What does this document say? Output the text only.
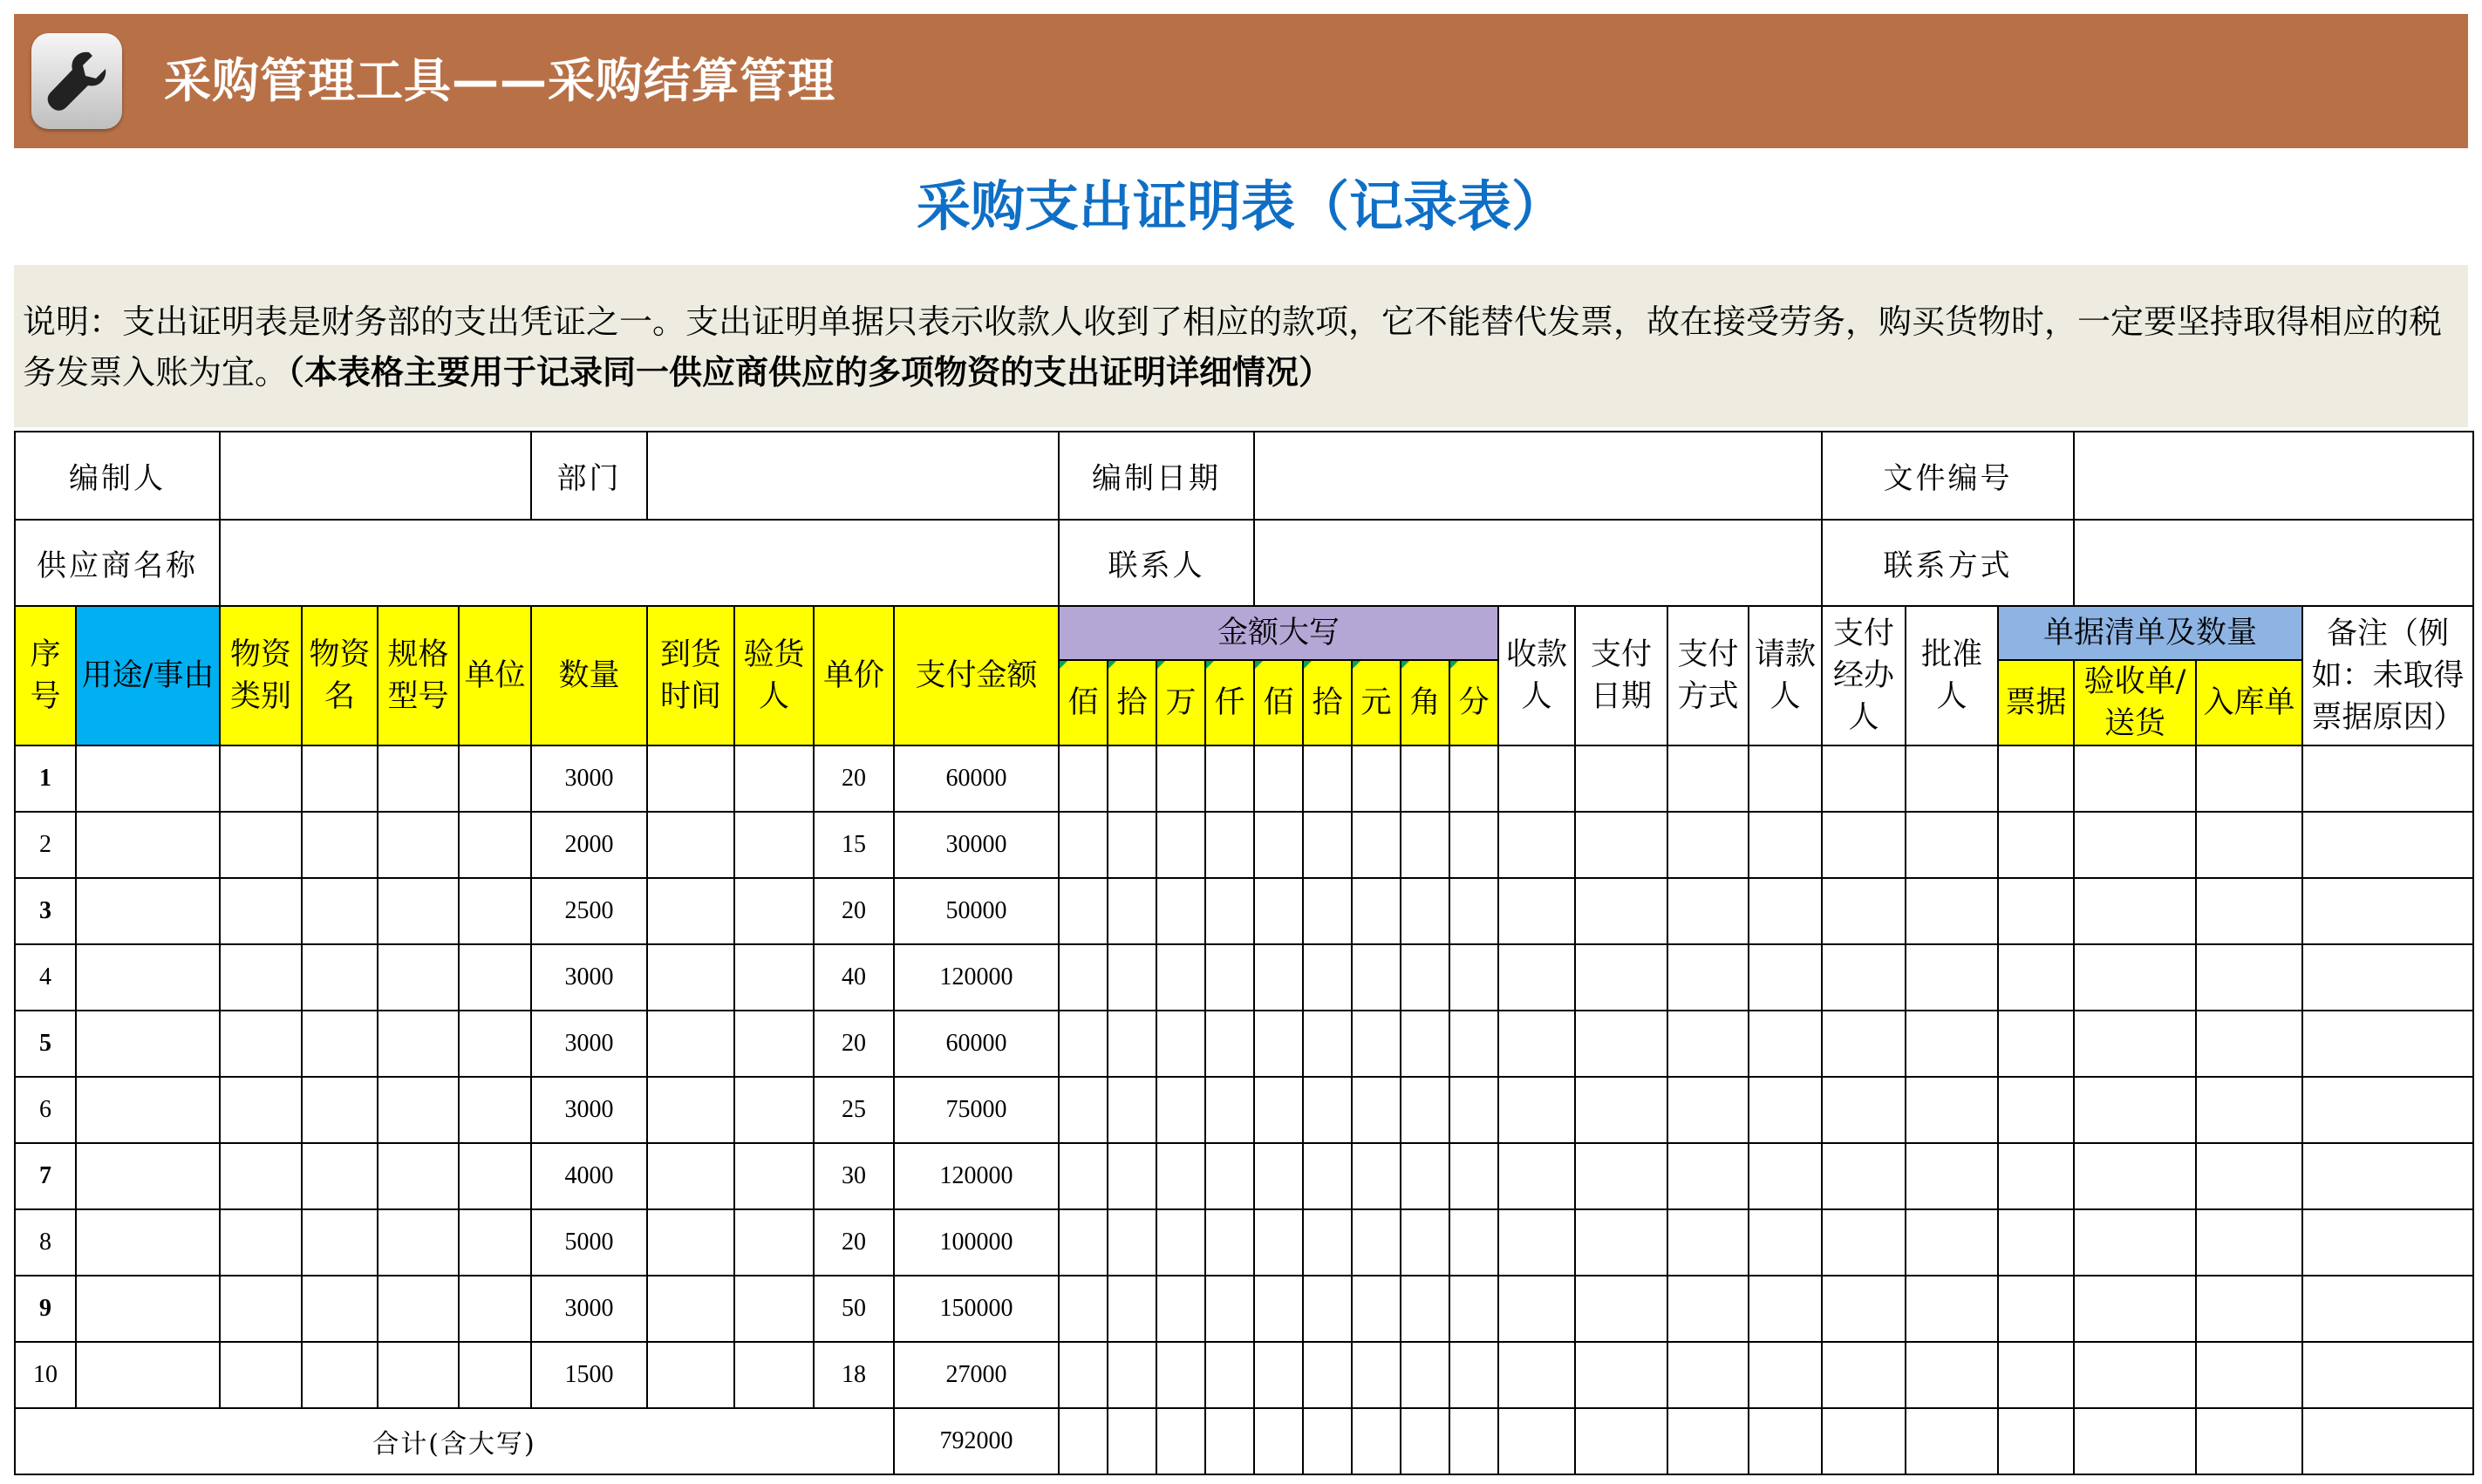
采购管理工具——采购结算管理
采购支出证明表（记录表）
说明：支出证明表是财务部的支出凭证之一。支出证明单据只表示收款人收到了相应的款项，它不能替代发票，故在接受劳务，购买货物时，一定要坚持取得相应的税务发票入账为宜。（本表格主要用于记录同一供应商供应的多项物资的支出证明详细情况）
编制人						部门					编制日期													文件编号					
供应商名称											联系人													联系方式					
序号	用途/事由	物资类别	物资名	规格型号	单位	数量	到货时间	验货人	单价	支付金额	金额大写									收款人	支付日期	支付方式	请款人	支付经办人	批准人	单据清单及数量			备注（例如：未取得票据原因）
											佰	拾	万	仟	佰	拾	元	角	分							票据	验收单/送货	入库单	
1						3000			20	60000																			
2						2000			15	30000																			
3						2500			20	50000																			
4						3000			40	120000																			
5						3000			20	60000																			
6						3000			25	75000																			
7						4000			30	120000																			
8						5000			20	100000																			
9						3000			50	150000																			
10						1500			18	27000																			
合计(含大写)										792000																			
